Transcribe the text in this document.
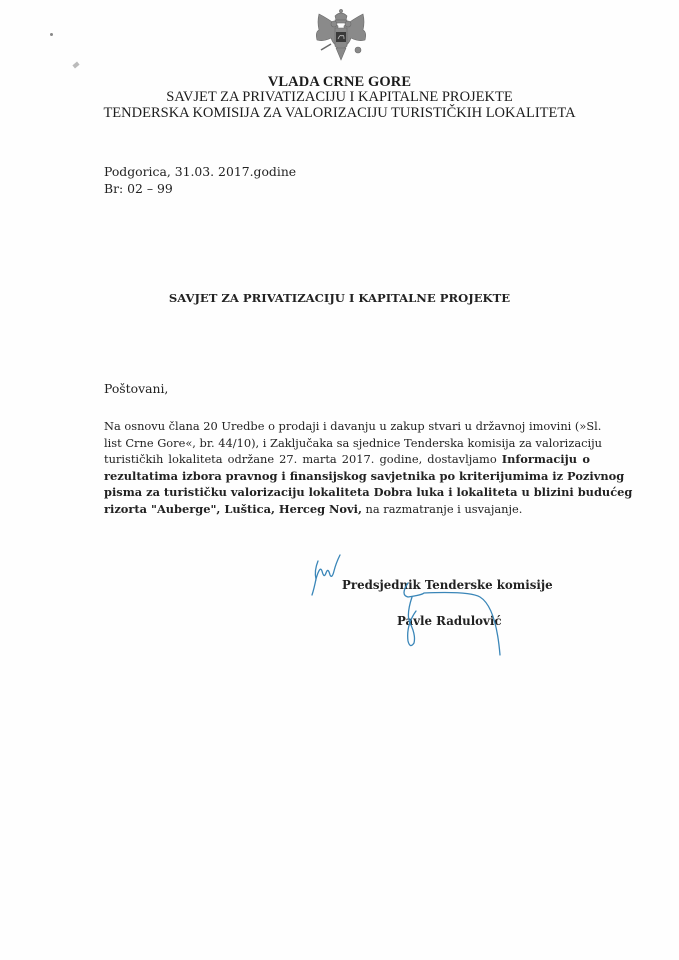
VLADA CRNE GORE
SAVJET ZA PRIVATIZACIJU I KAPITALNE PROJEKTE
TENDERSKA KOMISIJA ZA VALORIZACIJU TURISTIČKIH LOKALITETA
Podgorica, 31.03. 2017.godine
Br: 02 – 99
SAVJET ZA PRIVATIZACIJU I KAPITALNE PROJEKTE
Poštovani,
Na osnovu člana 20 Uredbe o prodaji i davanju u zakup stvari u državnoj imovini (»Sl.
list Crne Gore«, br. 44/10), i Zaključaka sa sjednice Tenderska komisija za valorizaciju
turističkih lokaliteta održane 27. marta 2017. godine, dostavljamo Informaciju o
rezultatima izbora pravnog i finansijskog savjetnika po kriterijumima iz Pozivnog
pisma za turističku valorizaciju lokaliteta Dobra luka i lokaliteta u blizini budućeg
rizorta "Auberge", Luštica, Herceg Novi, na razmatranje i usvajanje.
Predsjednik Tenderske komisije
Pavle Radulović
